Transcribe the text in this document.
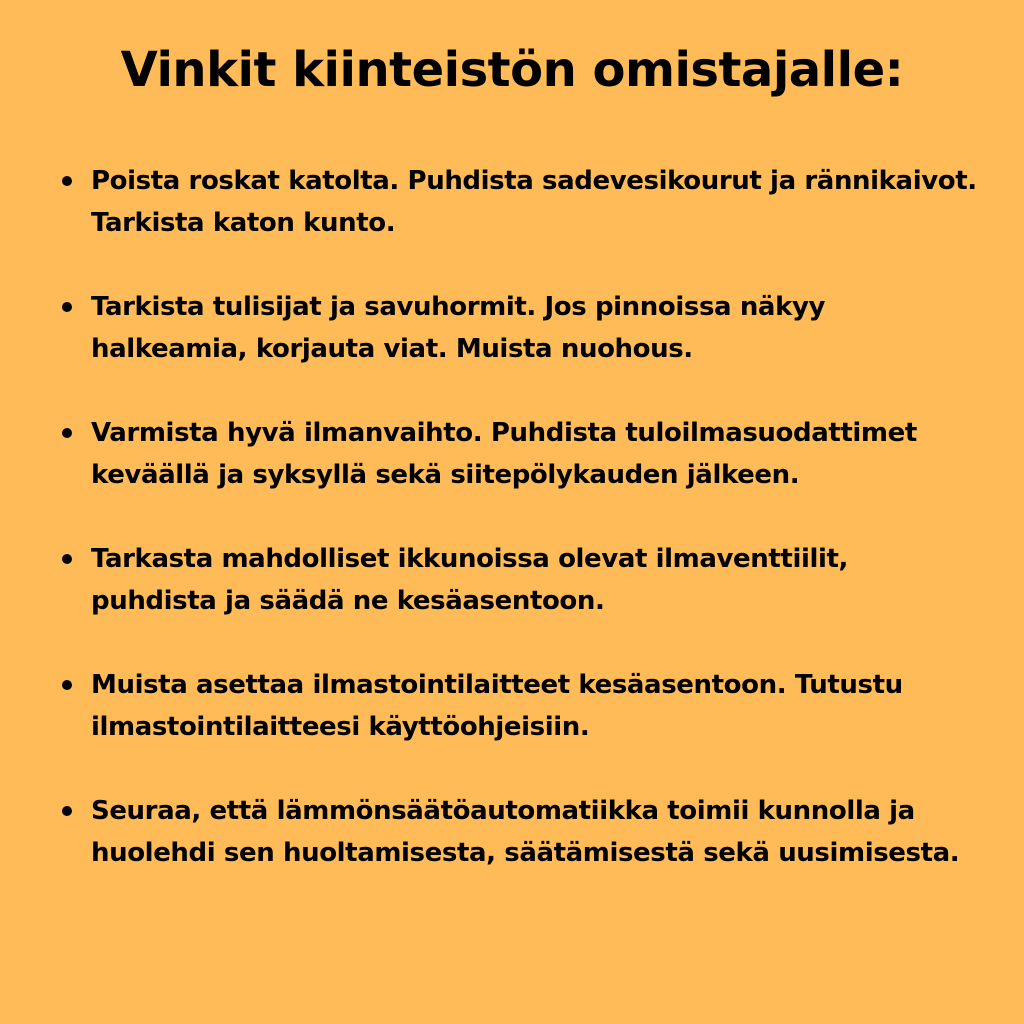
Vinkit kiinteistön omistajalle:
Poista roskat katolta. Puhdista sadevesikourut ja rännikaivot. Tarkista katon kunto.
Tarkista tulisijat ja savuhormit. Jos pinnoissa näkyy halkeamia, korjauta viat. Muista nuohous.
Varmista hyvä ilmanvaihto. Puhdista tuloilmasuodattimet keväällä ja syksyllä sekä siitepölykauden jälkeen.
Tarkasta mahdolliset ikkunoissa olevat ilmaventtiilit, puhdista ja säädä ne kesäasentoon.
Muista asettaa ilmastointilaitteet kesäasentoon. Tutustu ilmastointilaitteesi käyttöohjeisiin.
Seuraa, että lämmönsäätöautomatiikka toimii kunnolla ja huolehdi sen huoltamisesta, säätämisestä sekä uusimisesta.
